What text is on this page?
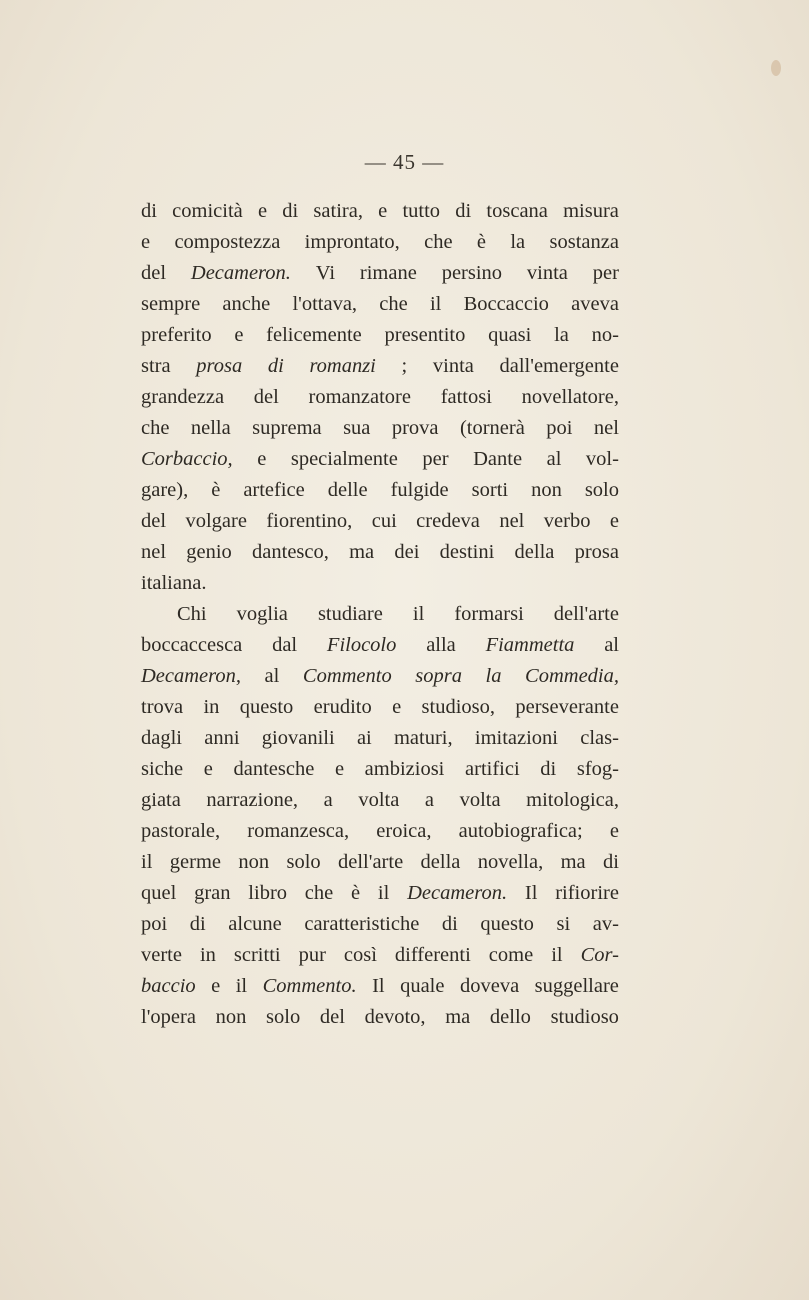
— 45 —
di comicità e di satira, e tutto di toscana misura
e compostezza improntato, che è la sostanza
del Decameron. Vi rimane persino vinta per
sempre anche l'ottava, che il Boccaccio aveva
preferito e felicemente presentito quasi la no-
stra prosa di romanzi ; vinta dall'emergente
grandezza del romanzatore fattosi novellatore,
che nella suprema sua prova (tornerà poi nel
Corbaccio, e specialmente per Dante al vol-
gare), è artefice delle fulgide sorti non solo
del volgare fiorentino, cui credeva nel verbo e
nel genio dantesco, ma dei destini della prosa
italiana.
Chi voglia studiare il formarsi dell'arte
boccaccesca dal Filocolo alla Fiammetta al
Decameron, al Commento sopra la Commedia,
trova in questo erudito e studioso, perseverante
dagli anni giovanili ai maturi, imitazioni clas-
siche e dantesche e ambiziosi artifici di sfog-
giata narrazione, a volta a volta mitologica,
pastorale, romanzesca, eroica, autobiografica; e
il germe non solo dell'arte della novella, ma di
quel gran libro che è il Decameron. Il rifiorire
poi di alcune caratteristiche di questo si av-
verte in scritti pur così differenti come il Cor-
baccio e il Commento. Il quale doveva suggellare
l'opera non solo del devoto, ma dello studioso
